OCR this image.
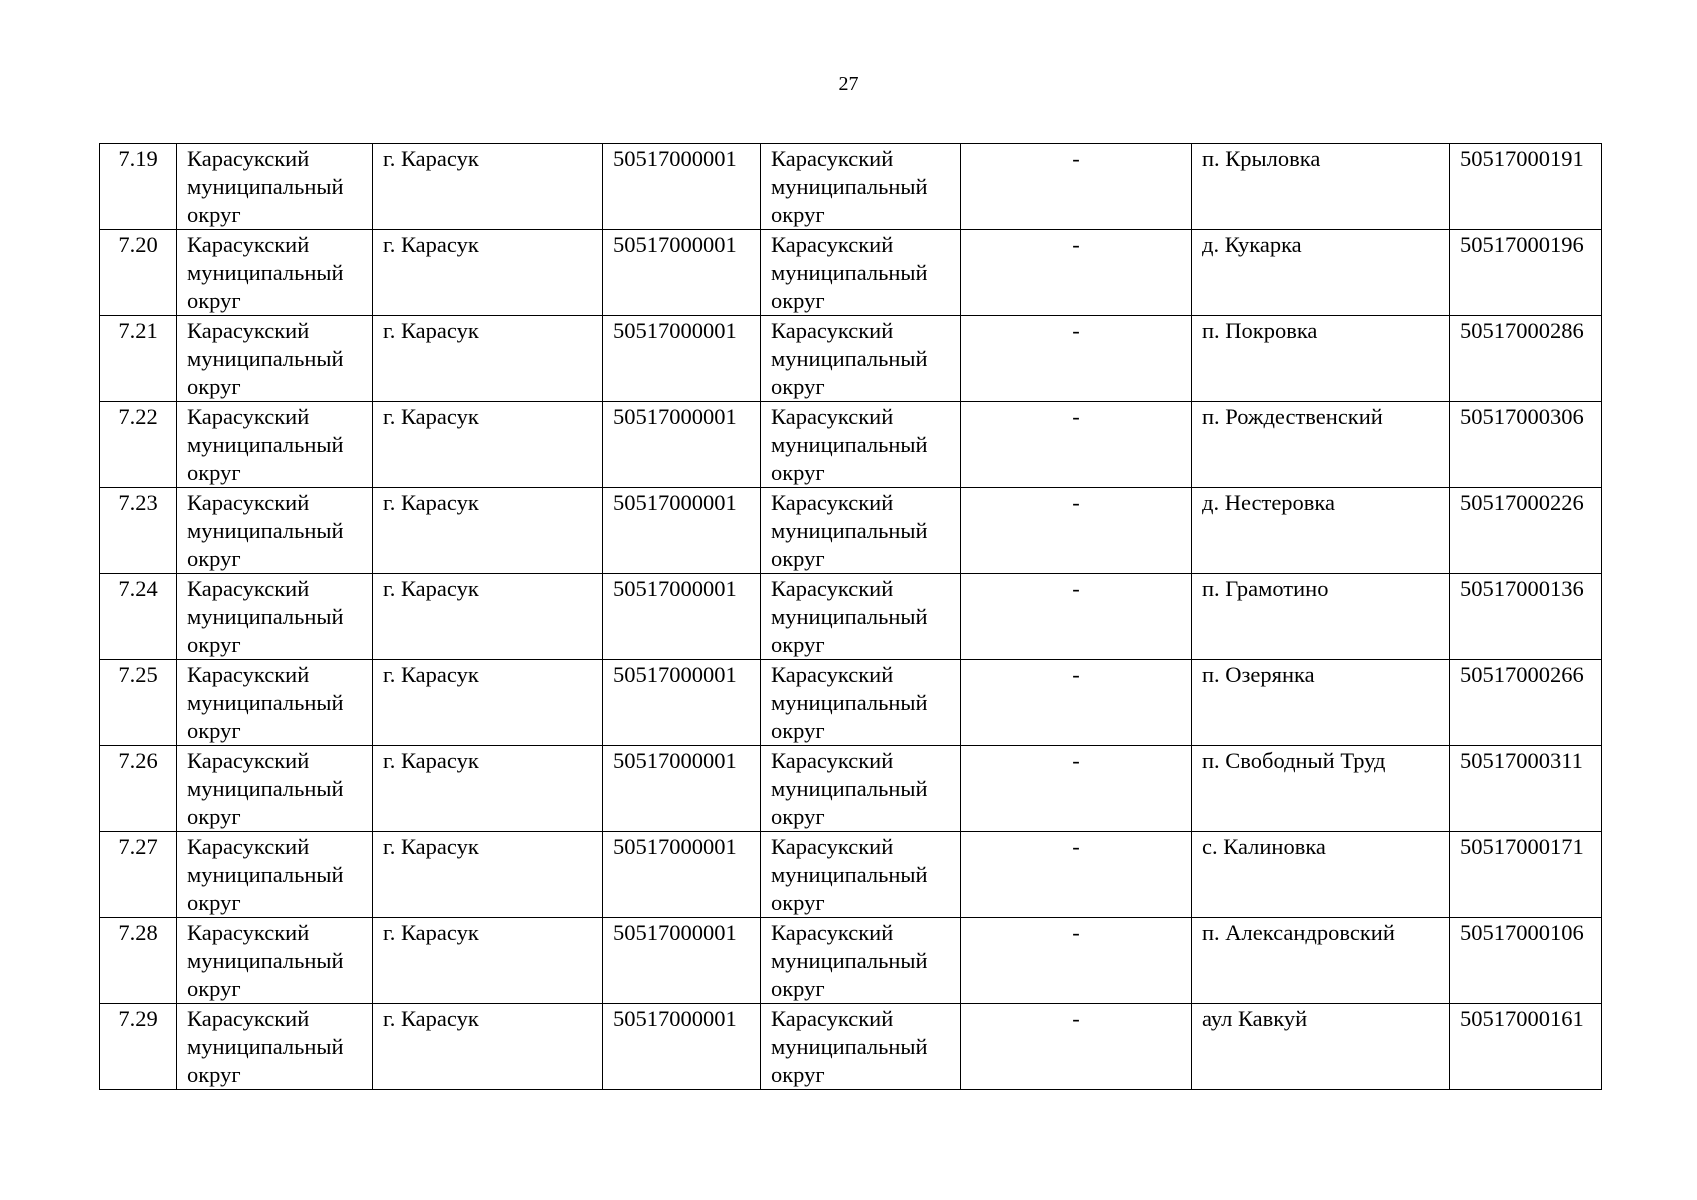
27
7.19	Карасукский муниципальный округ	г. Карасук	50517000001	Карасукский муниципальный округ	-	п. Крыловка	50517000191
7.20	Карасукский муниципальный округ	г. Карасук	50517000001	Карасукский муниципальный округ	-	д. Кукарка	50517000196
7.21	Карасукский муниципальный округ	г. Карасук	50517000001	Карасукский муниципальный округ	-	п. Покровка	50517000286
7.22	Карасукский муниципальный округ	г. Карасук	50517000001	Карасукский муниципальный округ	-	п. Рождественский	50517000306
7.23	Карасукский муниципальный округ	г. Карасук	50517000001	Карасукский муниципальный округ	-	д. Нестеровка	50517000226
7.24	Карасукский муниципальный округ	г. Карасук	50517000001	Карасукский муниципальный округ	-	п. Грамотино	50517000136
7.25	Карасукский муниципальный округ	г. Карасук	50517000001	Карасукский муниципальный округ	-	п. Озерянка	50517000266
7.26	Карасукский муниципальный округ	г. Карасук	50517000001	Карасукский муниципальный округ	-	п. Свободный Труд	50517000311
7.27	Карасукский муниципальный округ	г. Карасук	50517000001	Карасукский муниципальный округ	-	с. Калиновка	50517000171
7.28	Карасукский муниципальный округ	г. Карасук	50517000001	Карасукский муниципальный округ	-	п. Александровский	50517000106
7.29	Карасукский муниципальный округ	г. Карасук	50517000001	Карасукский муниципальный округ	-	аул Кавкуй	50517000161
